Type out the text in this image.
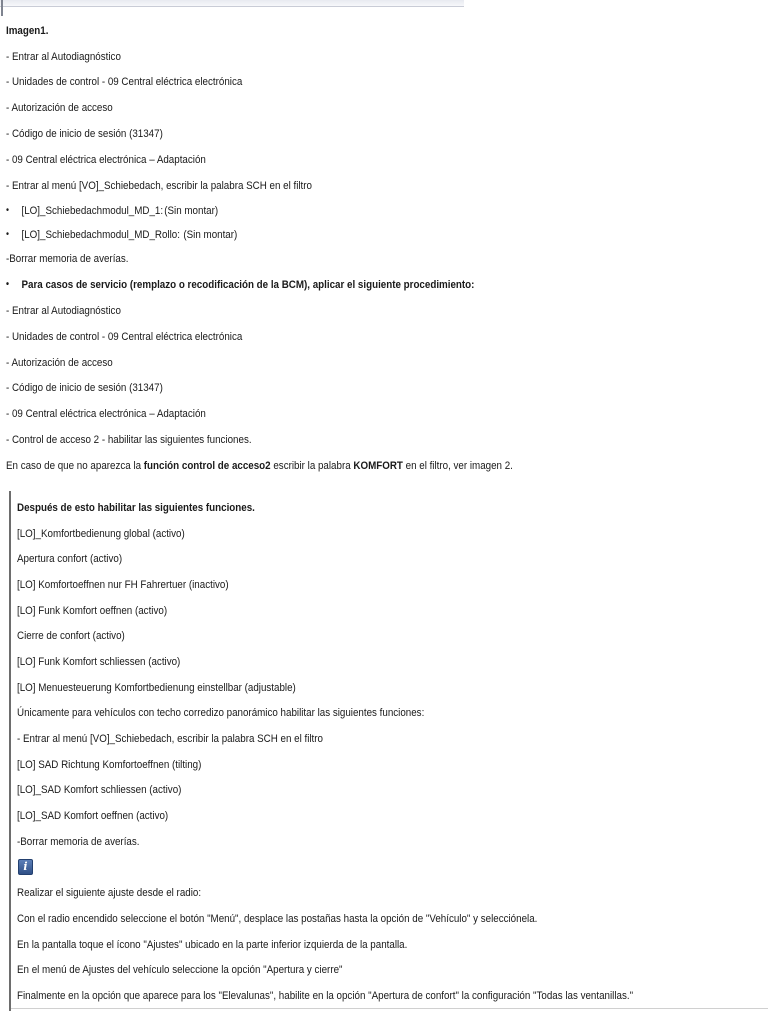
Imagen1.
- Entrar al Autodiagnóstico
- Unidades de control - 09 Central eléctrica electrónica
- Autorización de acceso
- Código de inicio de sesión (31347)
- 09 Central eléctrica electrónica – Adaptación
- Entrar al menú [VO]_Schiebedach, escribir la palabra SCH en el filtro
•	[LO]_Schiebedachmodul_MD_1: (Sin montar)
•	[LO]_Schiebedachmodul_MD_Rollo: (Sin montar)
-Borrar memoria de averías.
•	Para casos de servicio (remplazo o recodificación de la BCM), aplicar el siguiente procedimiento:
- Entrar al Autodiagnóstico
- Unidades de control - 09 Central eléctrica electrónica
- Autorización de acceso
- Código de inicio de sesión (31347)
- 09 Central eléctrica electrónica – Adaptación
- Control de acceso 2 - habilitar las siguientes funciones.
En caso de que no aparezca la función control de acceso2 escribir la palabra KOMFORT en el filtro, ver imagen 2.
Después de esto habilitar las siguientes funciones.
[LO]_Komfortbedienung global (activo)
Apertura confort (activo)
[LO] Komfortoeffnen nur FH Fahrertuer (inactivo)
[LO] Funk Komfort oeffnen (activo)
Cierre de confort (activo)
[LO] Funk Komfort schliessen (activo)
[LO] Menuesteuerung Komfortbedienung einstellbar (adjustable)
Únicamente para vehículos con techo corredizo panorámico habilitar las siguientes funciones:
- Entrar al menú [VO]_Schiebedach, escribir la palabra SCH en el filtro
[LO] SAD Richtung Komfortoeffnen (tilting)
[LO]_SAD Komfort schliessen (activo)
[LO]_SAD Komfort oeffnen (activo)
-Borrar memoria de averías.
i
Realizar el siguiente ajuste desde el radio:
Con el radio encendido seleccione el botón "Menú", desplace las postañas hasta la opción de "Vehículo" y selecciónela.
En la pantalla toque el ícono "Ajustes" ubicado en la parte inferior izquierda de la pantalla.
En el menú de Ajustes del vehículo seleccione la opción "Apertura y cierre"
Finalmente en la opción que aparece para los "Elevalunas", habilite en la opción "Apertura de confort" la configuración "Todas las ventanillas."
